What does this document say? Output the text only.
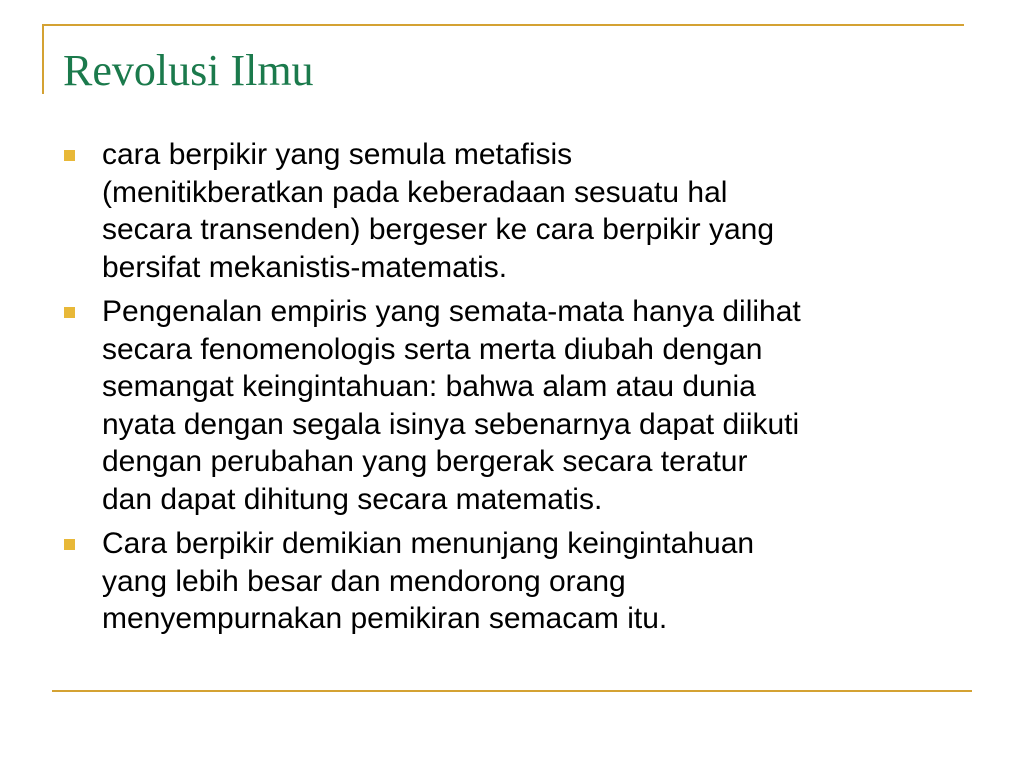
Revolusi Ilmu
cara berpikir yang semula metafisis
(menitikberatkan pada keberadaan sesuatu hal
secara transenden) bergeser ke cara berpikir yang
bersifat mekanistis-matematis.
Pengenalan empiris yang semata-mata hanya dilihat
secara fenomenologis serta merta diubah dengan
semangat keingintahuan: bahwa alam atau dunia
nyata dengan segala isinya sebenarnya dapat diikuti
dengan perubahan yang bergerak secara teratur
dan dapat dihitung secara matematis.
Cara berpikir demikian menunjang keingintahuan
yang lebih besar dan mendorong orang
menyempurnakan pemikiran semacam itu.
